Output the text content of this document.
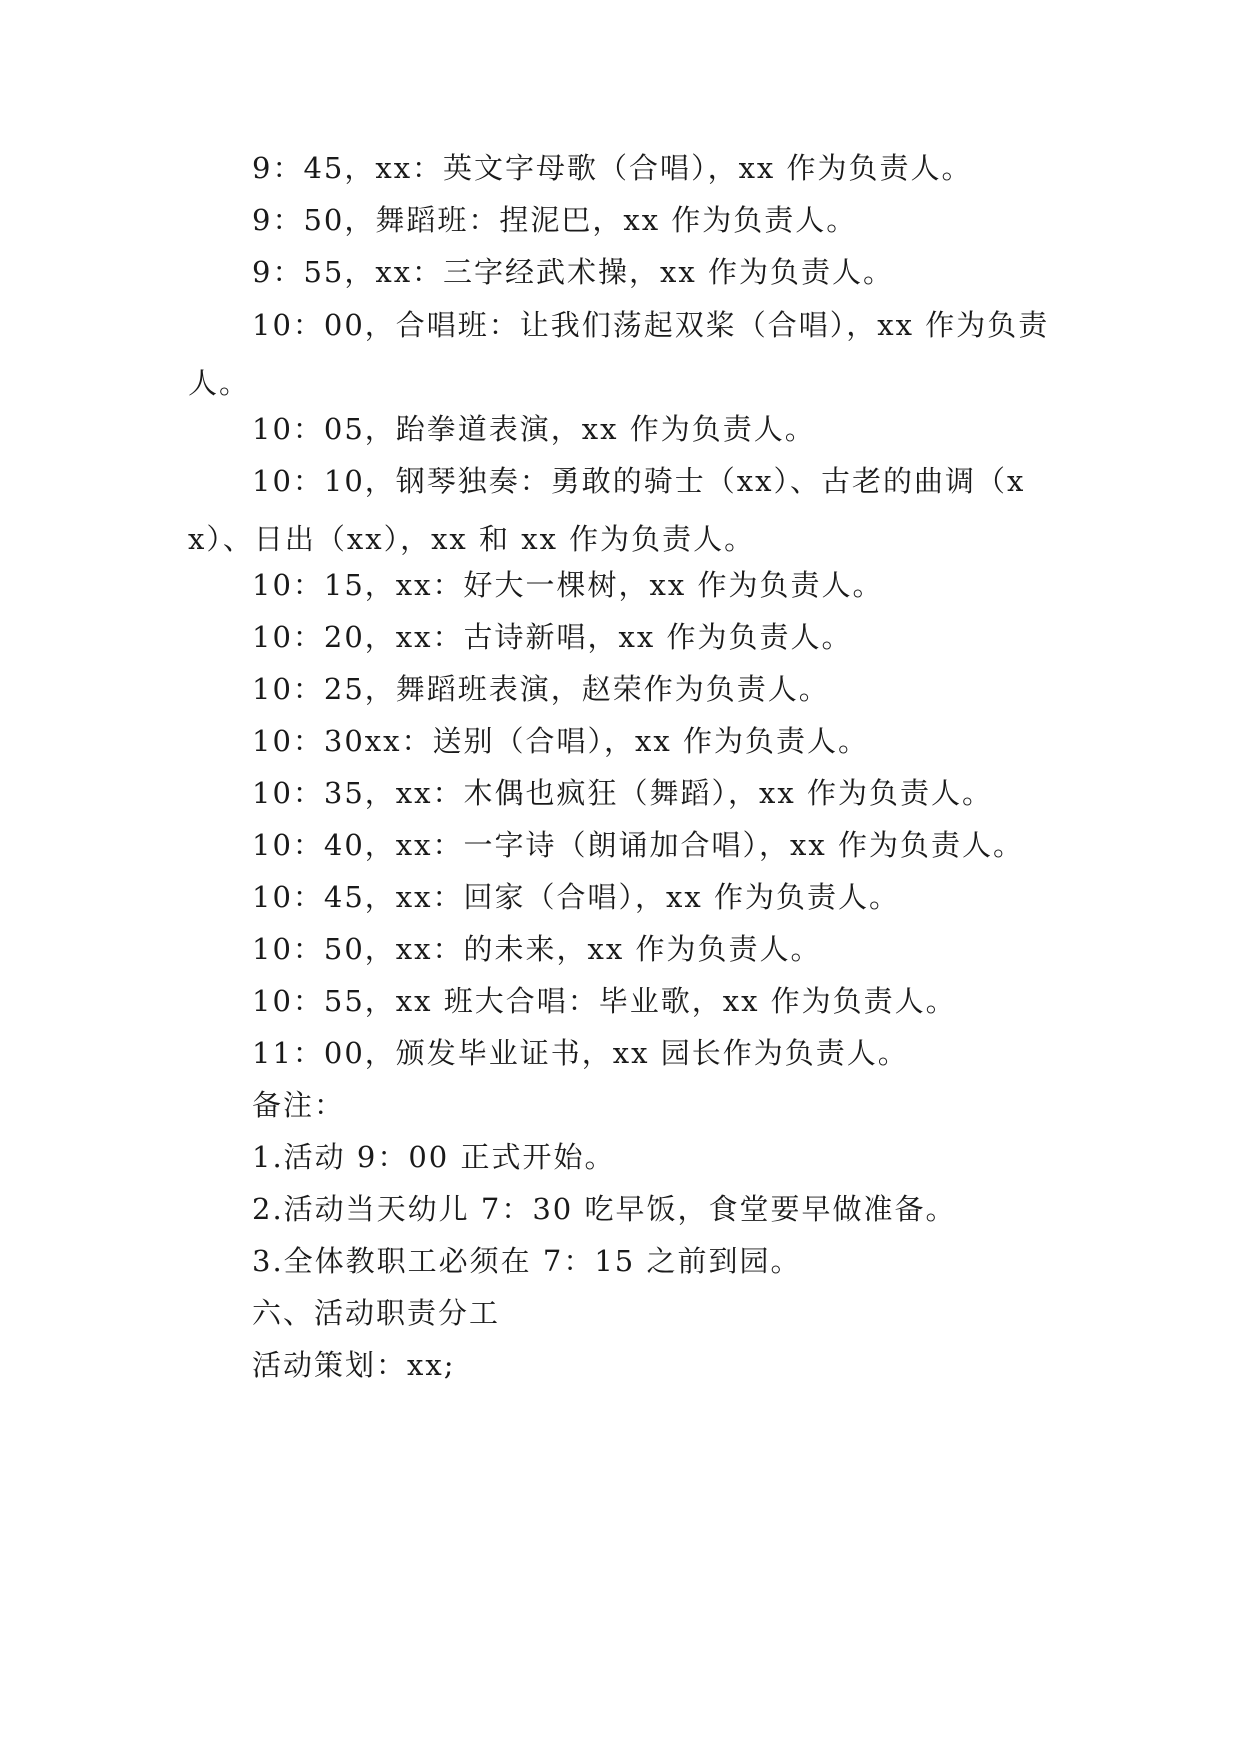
9：45，xx：英文字母歌（合唱），xx 作为负责人。

9：50，舞蹈班：捏泥巴，xx 作为负责人。

9：55，xx：三字经武术操，xx 作为负责人。

10：00，合唱班：让我们荡起双桨（合唱），xx 作为负责人。

10：05，跆拳道表演，xx 作为负责人。

10：10，钢琴独奏：勇敢的骑士（xx）、古老的曲调（xx）、日出（xx），xx 和 xx 作为负责人。

10：15，xx：好大一棵树，xx 作为负责人。

10：20，xx：古诗新唱，xx 作为负责人。

10：25，舞蹈班表演，赵荣作为负责人。

10：30xx：送别（合唱），xx 作为负责人。

10：35，xx：木偶也疯狂（舞蹈），xx 作为负责人。

10：40，xx：一字诗（朗诵加合唱），xx 作为负责人。

10：45，xx：回家（合唱），xx 作为负责人。

10：50，xx：的未来，xx 作为负责人。

10：55，xx 班大合唱：毕业歌，xx 作为负责人。

11：00，颁发毕业证书，xx 园长作为负责人。

备注：

1.活动 9：00 正式开始。

2.活动当天幼儿 7：30 吃早饭，食堂要早做准备。

3.全体教职工必须在 7：15 之前到园。

六、活动职责分工

活动策划：xx;
